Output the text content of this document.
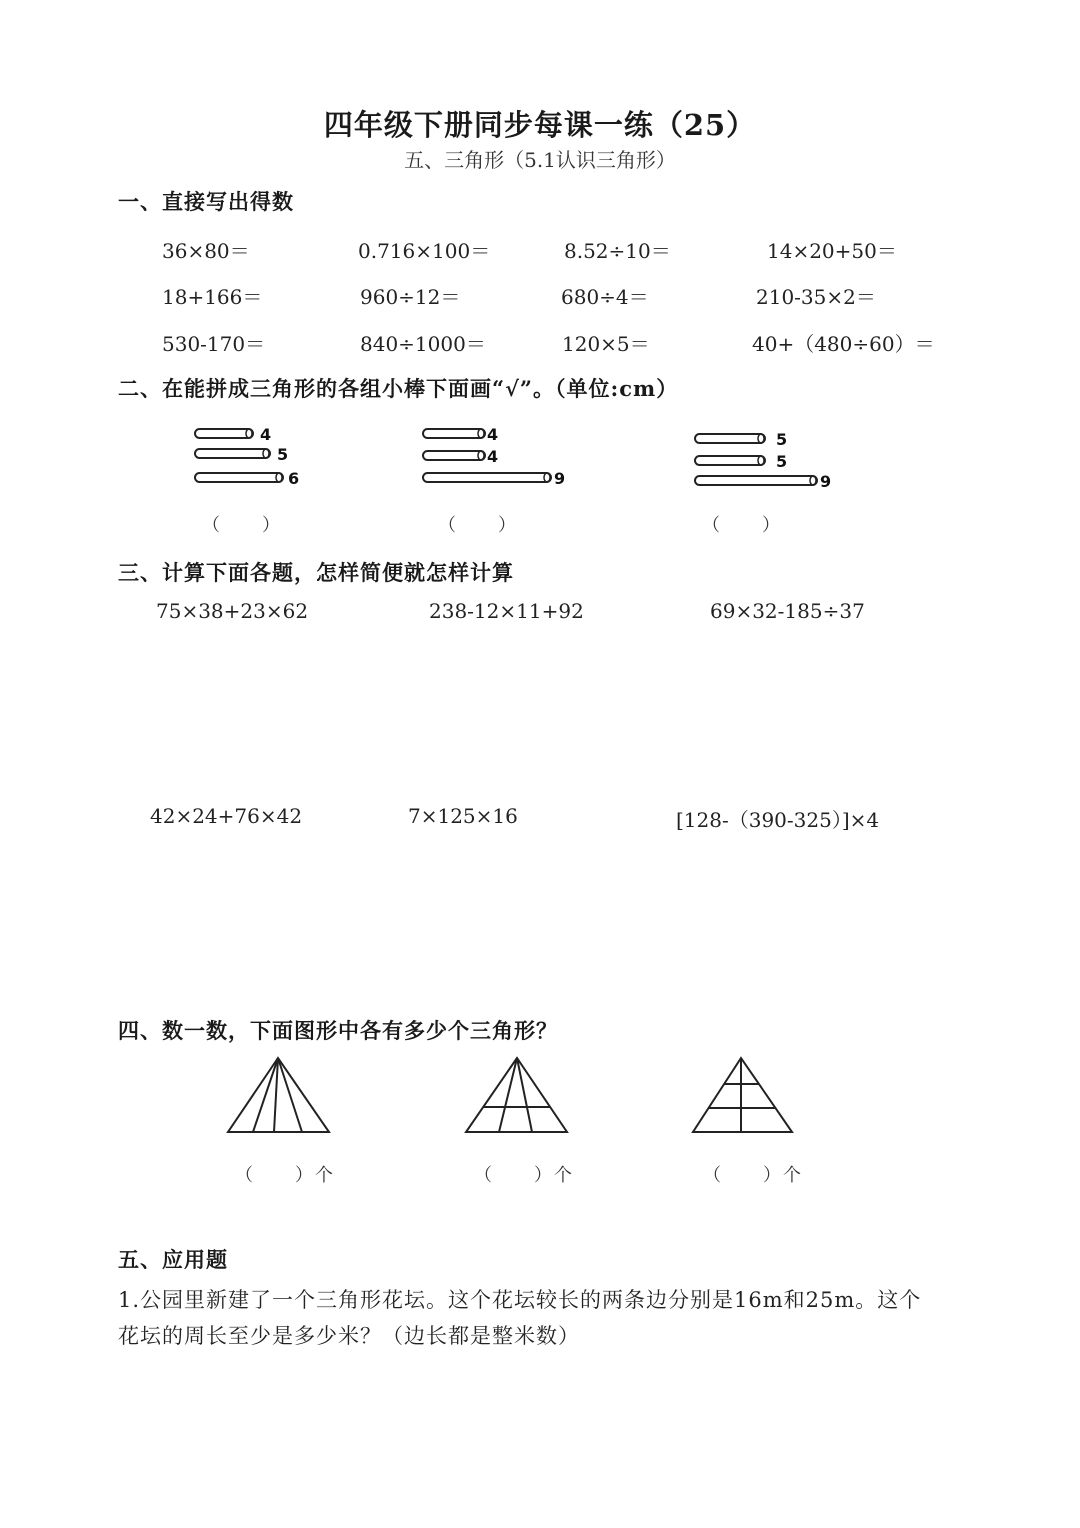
四年级下册同步每课一练（25）
五、三角形（5.1认识三角形）
一、直接写出得数
36×80＝	0.716×100＝	8.52÷10＝	14×20+50＝
18+166＝	960÷12＝	680÷4＝	210-35×2＝
530-170＝	840÷1000＝	120×5＝	40+（480÷60）＝
二、在能拼成三角形的各组小棒下面画“√”。（单位:cm）
4
5
6
4
4
9
5
5
9
（　　）	（　　）	（　　）
三、计算下面各题，怎样简便就怎样计算
75×38+23×62	238-12×11+92	69×32-185÷37
42×24+76×42	7×125×16	[128-（390-325）]×4
四、数一数，下面图形中各有多少个三角形？
（　　）个	（　　）个	（　　）个
五、应用题
1.公园里新建了一个三角形花坛。这个花坛较长的两条边分别是16m和25m。这个
花坛的周长至少是多少米？（边长都是整米数）
